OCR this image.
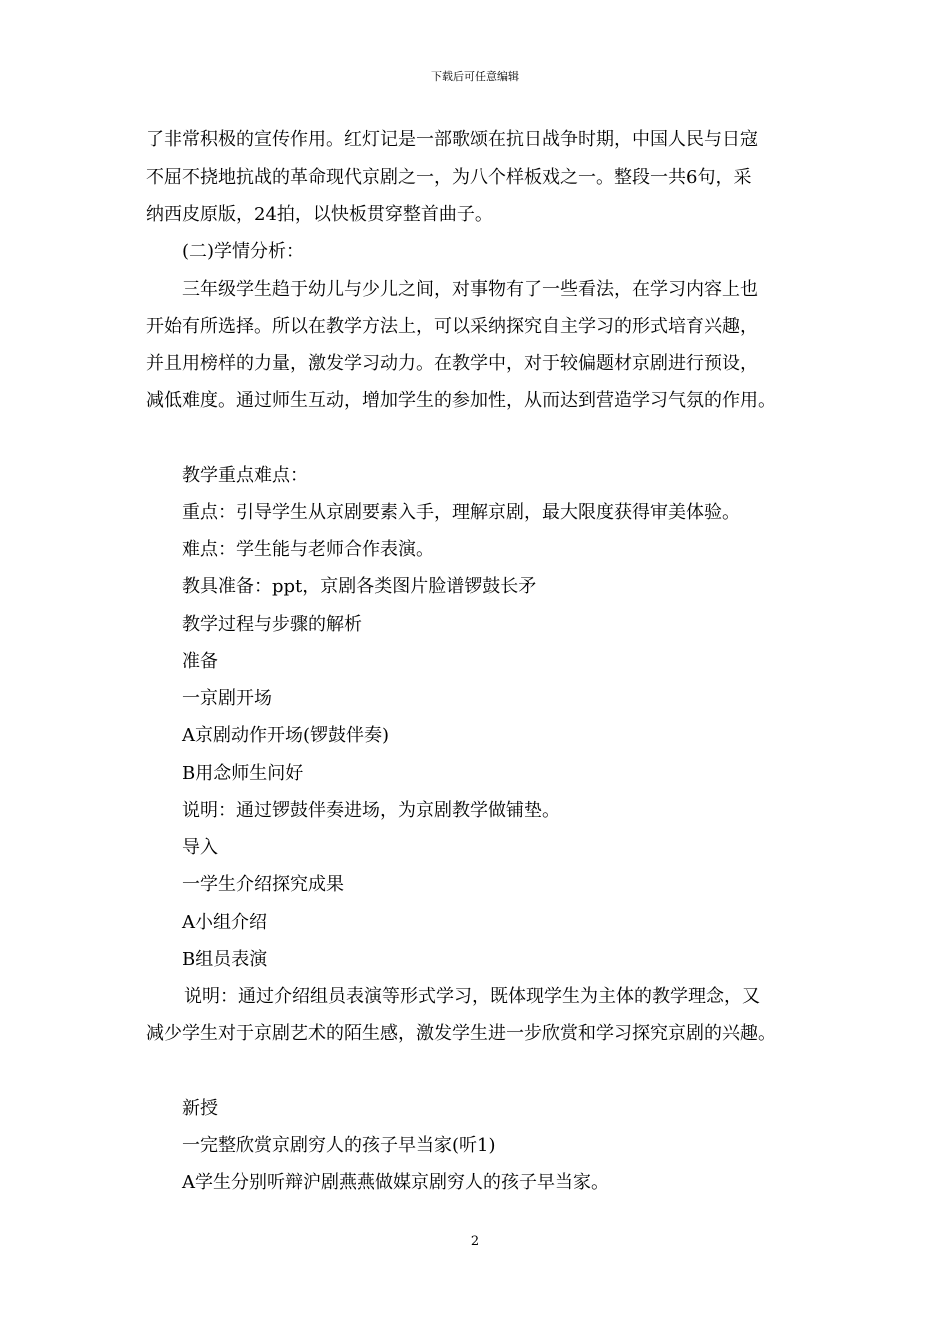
下载后可任意编辑
了非常积极的宣传作用。红灯记是一部歌颂在抗日战争时期，中国人民与日寇
不屈不挠地抗战的革命现代京剧之一，为八个样板戏之一。整段一共6句，采
纳西皮原版，24拍，以快板贯穿整首曲子。
(二)学情分析：
三年级学生趋于幼儿与少儿之间，对事物有了一些看法，在学习内容上也
开始有所选择。所以在教学方法上，可以采纳探究自主学习的形式培育兴趣，
并且用榜样的力量，激发学习动力。在教学中，对于较偏题材京剧进行预设，
减低难度。通过师生互动，增加学生的参加性，从而达到营造学习气氛的作用。
教学重点难点：
重点：引导学生从京剧要素入手，理解京剧，最大限度获得审美体验。
难点：学生能与老师合作表演。
教具准备：ppt，京剧各类图片脸谱锣鼓长矛
教学过程与步骤的解析
准备
一京剧开场
A京剧动作开场(锣鼓伴奏)
B用念师生问好
说明：通过锣鼓伴奏进场，为京剧教学做铺垫。
导入
一学生介绍探究成果
A小组介绍
B组员表演
说明：通过介绍组员表演等形式学习，既体现学生为主体的教学理念，又
减少学生对于京剧艺术的陌生感，激发学生进一步欣赏和学习探究京剧的兴趣。
新授
一完整欣赏京剧穷人的孩子早当家(听1)
A学生分别听辩沪剧燕燕做媒京剧穷人的孩子早当家。
2
